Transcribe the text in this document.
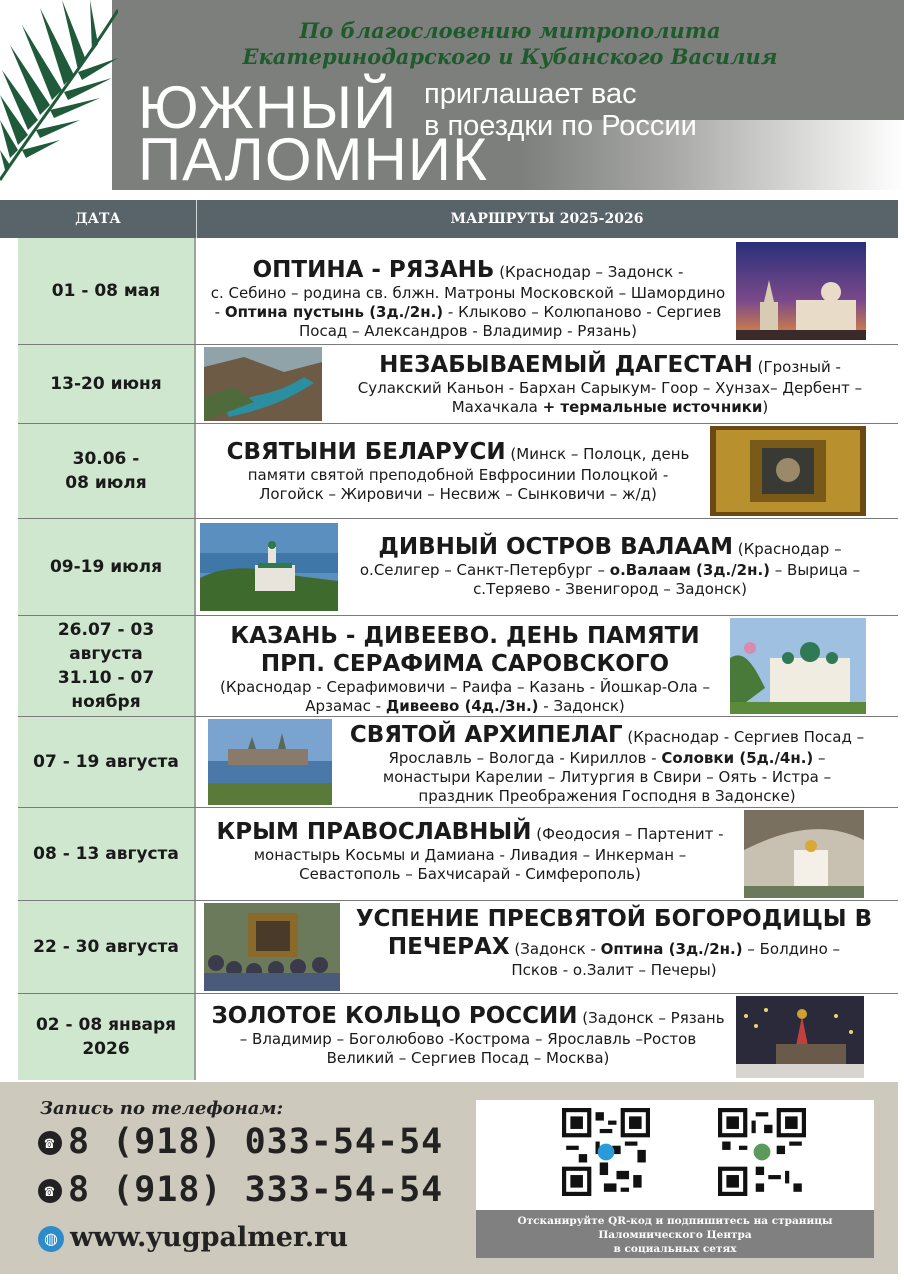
По благословению митрополита
Екатеринодарского и Кубанского Василия
ЮЖНЫЙ
ПАЛОМНИК
приглашает вас
в поездки по России
ДАТА	МАРШРУТЫ 2025-2026
01 - 08 мая
ОПТИНА - РЯЗАНЬ (Краснодар – Задонск -
с. Себино – родина св. блжн. Матроны Московской – Шамордино
- Оптина пустынь (3д./2н.) - Клыково – Колюпаново - Сергиев
Посад – Александров - Владимир - Рязань)
13-20 июня
НЕЗАБЫВАЕМЫЙ ДАГЕСТАН (Грозный -
Сулакский Каньон - Бархан Сарыкум- Гоор – Хунзах– Дербент –
Махачкала + термальные источники)
30.06 -
08 июля
СВЯТЫНИ БЕЛАРУСИ (Минск – Полоцк, день
памяти святой преподобной Евфросинии Полоцкой -
Логойск – Жировичи – Несвиж – Сынковичи – ж/д)
09-19 июля
ДИВНЫЙ ОСТРОВ ВАЛААМ (Краснодар –
о.Селигер – Санкт-Петербург – о.Валаам (3д./2н.) – Вырица –
с.Теряево - Звенигород – Задонск)
26.07 - 03
августа
31.10 - 07
ноября
КАЗАНЬ - ДИВЕЕВО. ДЕНЬ ПАМЯТИ
ПРП. СЕРАФИМА САРОВСКОГО
(Краснодар - Серафимовичи – Раифа – Казань - Йошкар-Ола –
Арзамас - Дивеево (4д./3н.) - Задонск)
07 - 19 августа
СВЯТОЙ АРХИПЕЛАГ (Краснодар - Сергиев Посад –
Ярославль – Вологда - Кириллов - Соловки (5д./4н.) –
монастыри Карелии – Литургия в Свири – Оять - Истра –
праздник Преображения Господня в Задонске)
08 - 13 августа
КРЫМ ПРАВОСЛАВНЫЙ (Феодосия – Партенит -
монастырь Косьмы и Дамиана - Ливадия – Инкерман –
Севастополь – Бахчисарай - Симферополь)
22 - 30 августа
УСПЕНИЕ ПРЕСВЯТОЙ БОГОРОДИЦЫ В
ПЕЧЕРАХ (Задонск - Оптина (3д./2н.) – Болдино –
Псков - о.Залит – Печеры)
02 - 08 января
2026
ЗОЛОТОЕ КОЛЬЦО РОССИИ (Задонск – Рязань
– Владимир – Боголюбово -Кострома – Ярославль –Ростов
Великий – Сергиев Посад – Москва)
Запись по телефонам:
☎ 8 (918) 033-54-54
☎ 8 (918) 333-54-54
◍ www.yugpalmer.ru
Отсканируйте QR-код и подпишитесь на страницы
Паломнического Центра
в социальных сетях
